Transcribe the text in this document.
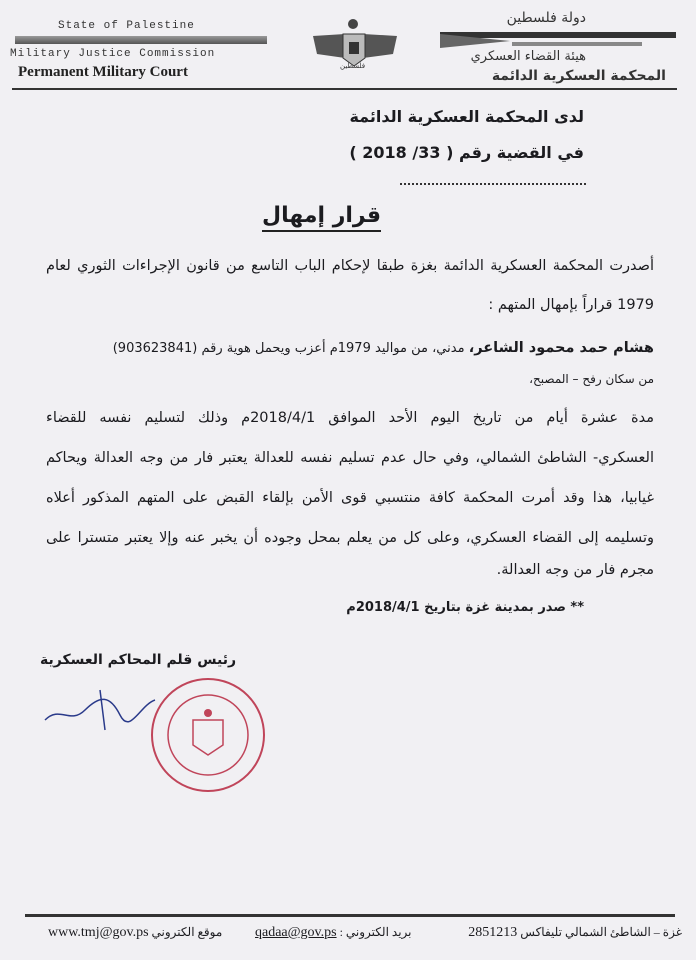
State of Palestine
Military Justice Commission
Permanent Military Court	فلسطين
دولة فلسطين
هيئة القضاء العسكري
المحكمة العسكرية الدائمة
لدى المحكمة العسكرية الدائمة
في القضية رقم ( 33/ 2018 )
قرار إمهال
أصدرت المحكمة العسكرية الدائمة بغزة طبقا لإحكام الباب التاسع من قانون الإجراءات الثوري لعام
1979 قراراً بإمهال المتهم :
هشام حمد محمود الشاعر، مدني، من مواليد 1979م أعزب ويحمل هوية رقم (903623841)
من سكان رفح – المصبح،
مدة عشرة أيام من تاريخ اليوم الأحد الموافق 2018/4/1م وذلك لتسليم نفسه للقضاء
العسكري- الشاطئ الشمالي، وفي حال عدم تسليم نفسه للعدالة يعتبر فار من وجه العدالة ويحاكم
غيابيا، هذا وقد أمرت المحكمة كافة منتسبي قوى الأمن بإلقاء القبض على المتهم المذكور أعلاه
وتسليمه إلى القضاء العسكري، وعلى كل من يعلم بمحل وجوده أن يخبر عنه وإلا يعتبر متسترا على
مجرم فار من وجه العدالة.
** صدر بمدينة غزة بتاريخ 2018/4/1م
رئيس قلم المحاكم العسكرية
غزة – الشاطئ الشمالي تليفاكس 2851213
بريد الكتروني : qadaa@gov.ps
موقع الكتروني www.tmj@gov.ps
